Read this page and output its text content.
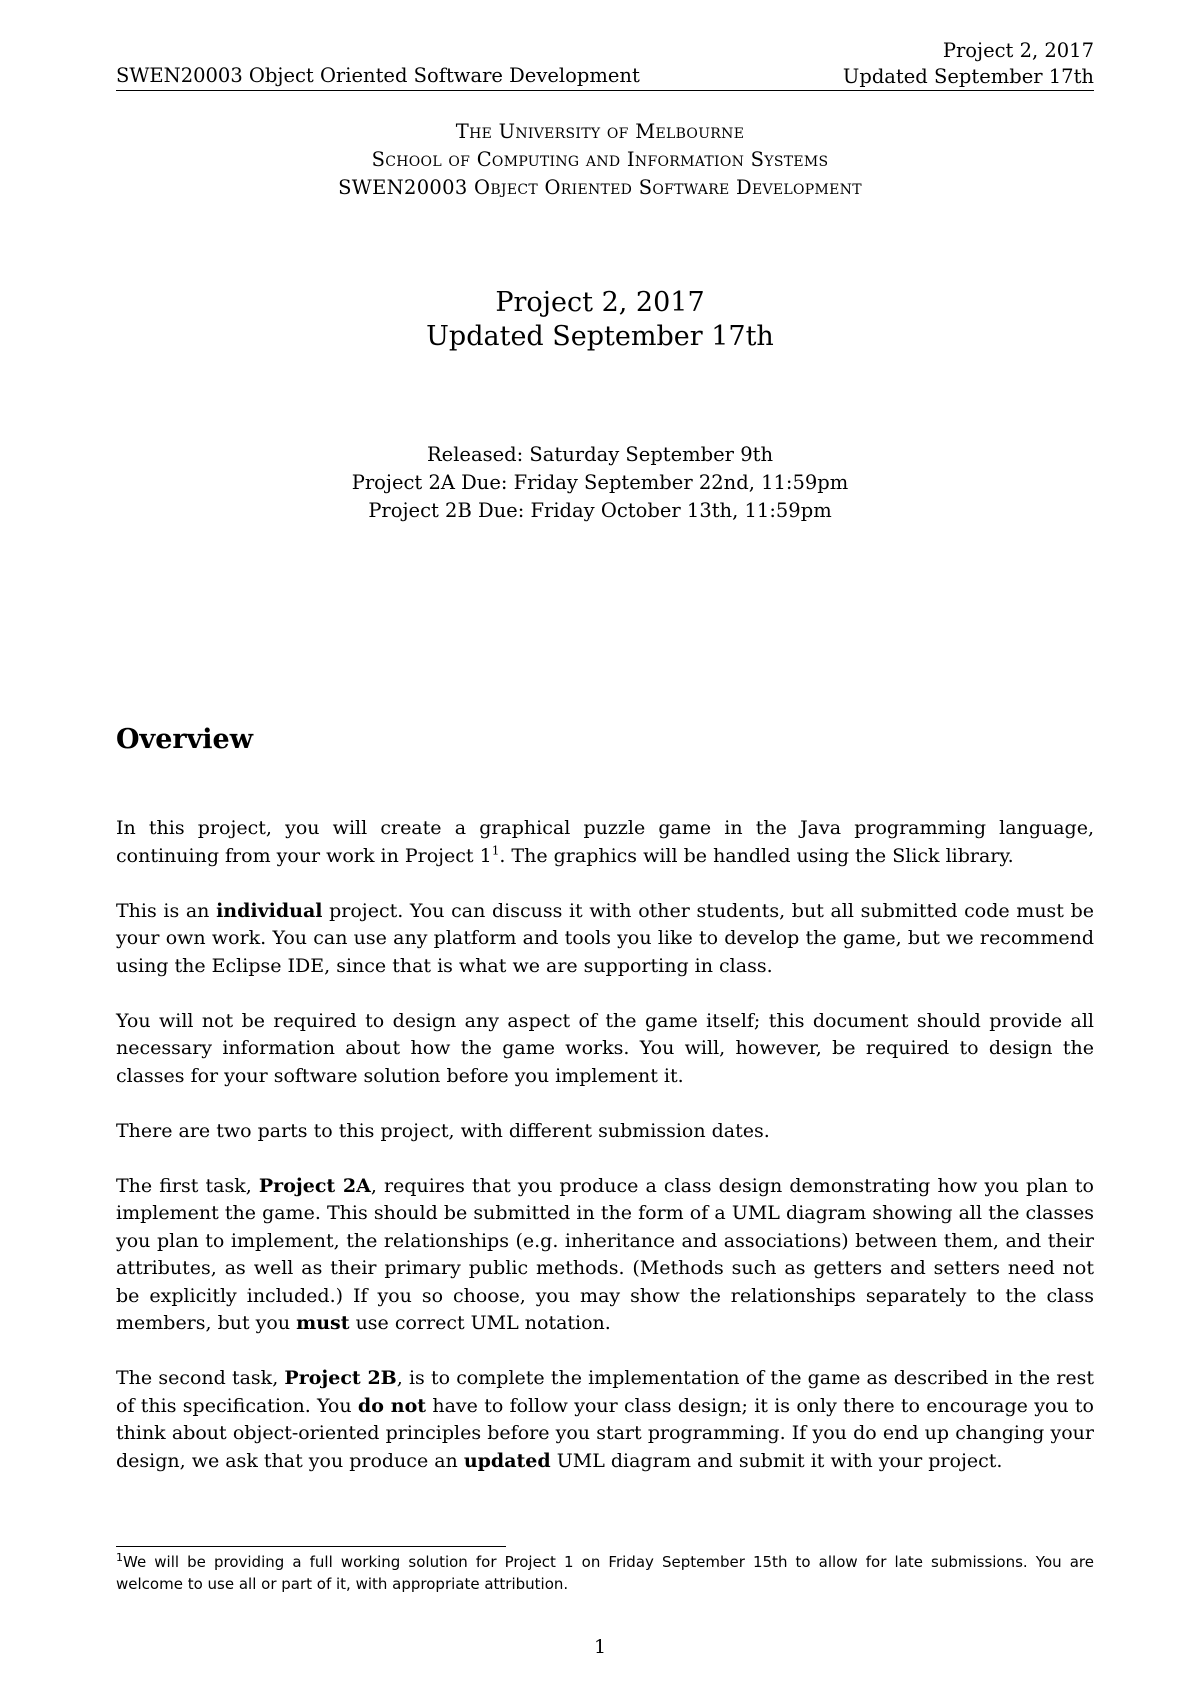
SWEN20003 Object Oriented Software Development
Project 2, 2017
Updated September 17th
The University of Melbourne
School of Computing and Information Systems
SWEN20003 Object Oriented Software Development
Project 2, 2017
Updated September 17th
Released: Saturday September 9th
Project 2A Due: Friday September 22nd, 11:59pm
Project 2B Due: Friday October 13th, 11:59pm
Overview

In this project, you will create a graphical puzzle game in the Java programming language, continuing from your work in Project $1^1$. The graphics will be handled using the Slick library.

This is an individual project. You can discuss it with other students, but all submitted code must be your own work. You can use any platform and tools you like to develop the game, but we recommend using the Eclipse IDE, since that is what we are supporting in class.

You will not be required to design any aspect of the game itself; this document should provide all necessary information about how the game works. You will, however, be required to design the classes for your software solution before you implement it.

There are two parts to this project, with different submission dates.

The first task, Project 2A, requires that you produce a class design demonstrating how you plan to implement the game. This should be submitted in the form of a UML diagram showing all the classes you plan to implement, the relationships (e.g. inheritance and associations) between them, and their attributes, as well as their primary public methods. (Methods such as getters and setters need not be explicitly included.) If you so choose, you may show the relationships separately to the class members, but you must use correct UML notation.

The second task, Project 2B, is to complete the implementation of the game as described in the rest of this specification. You do not have to follow your class design; it is only there to encourage you to think about object-oriented principles before you start programming. If you do end up changing your design, we ask that you produce an updated UML diagram and submit it with your project.

$^1$We will be providing a full working solution for Project 1 on Friday September 15th to allow for late submissions. You are welcome to use all or part of it, with appropriate attribution.
1
